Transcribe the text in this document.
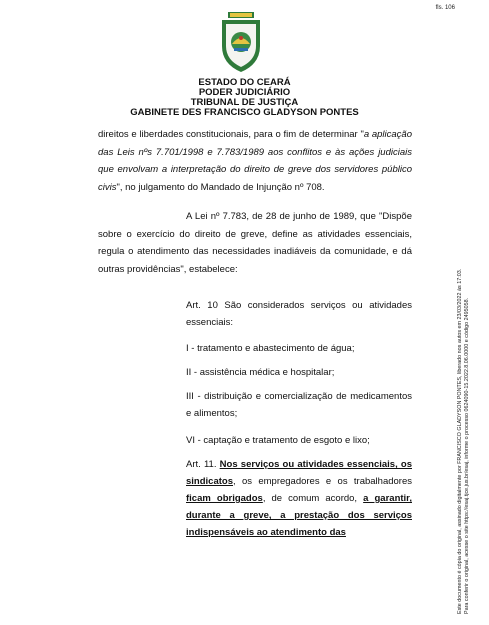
fls. 106
ESTADO DO CEARÁ
PODER JUDICIÁRIO
TRIBUNAL DE JUSTIÇA
GABINETE DES FRANCISCO GLADYSON PONTES
direitos e liberdades constitucionais, para o fim de determinar "a aplicação das Leis nºs 7.701/1998 e 7.783/1989 aos conflitos e às ações judiciais que envolvam a interpretação do direito de greve dos servidores público civis", no julgamento do Mandado de Injunção nº 708.
A Lei nº 7.783, de 28 de junho de 1989, que "Dispõe sobre o exercício do direito de greve, define as atividades essenciais, regula o atendimento das necessidades inadiáveis da comunidade, e dá outras providências", estabelece:
Art. 10 São considerados serviços ou atividades essenciais:
I - tratamento e abastecimento de água;
II - assistência médica e hospitalar;
III - distribuição e comercialização de medicamentos e alimentos;
VI - captação e tratamento de esgoto e lixo;
Art. 11. Nos serviços ou atividades essenciais, os sindicatos, os empregadores e os trabalhadores ficam obrigados, de comum acordo, a garantir, durante a greve, a prestação dos serviços indispensáveis ao atendimento das	Este documento é cópia do original, assinado digitalmente por FRANCISCO GLADYSON PONTES, liberado nos autos em 23/03/2022 às 17:03. Para conferir o original, acesse o site https://esaj.tjce.jus.br/esaj, informe o processo 0624090-15.2022.8.06.0000 e código 2495058.
